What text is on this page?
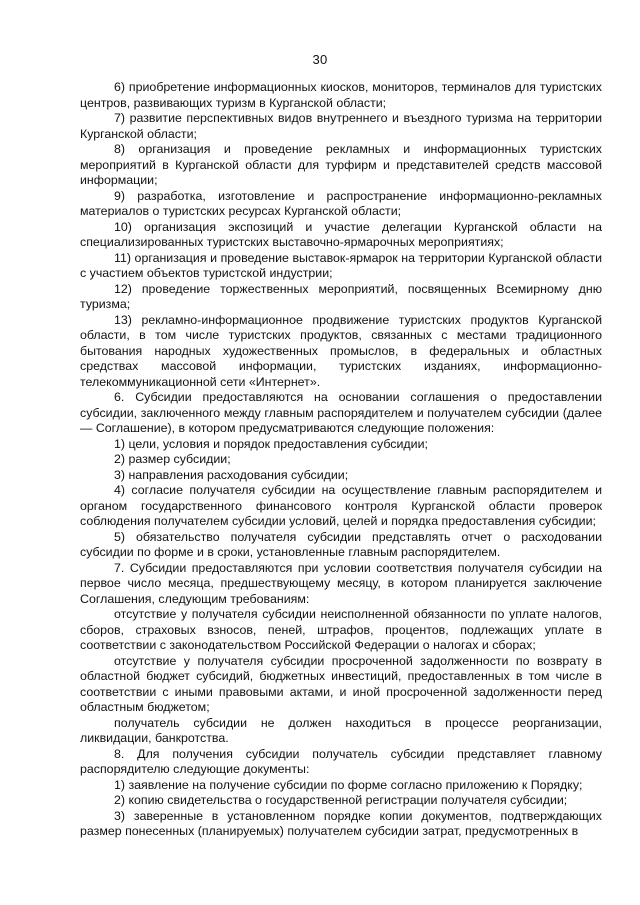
30

6) приобретение информационных киосков, мониторов, терминалов для туристских центров, развивающих туризм в Курганской области;

7) развитие перспективных видов внутреннего и въездного туризма на территории Курганской области;

8) организация и проведение рекламных и информационных туристских мероприятий в Курганской области для турфирм и представителей средств массовой информации;

9) разработка, изготовление и распространение информационно-рекламных материалов о туристских ресурсах Курганской области;

10) организация экспозиций и участие делегации Курганской области на специализированных туристских выставочно-ярмарочных мероприятиях;

11) организация и проведение выставок-ярмарок на территории Курганской области с участием объектов туристской индустрии;

12) проведение торжественных мероприятий, посвященных Всемирному дню туризма;

13) рекламно-информационное продвижение туристских продуктов Курганской области, в том числе туристских продуктов, связанных с местами традиционного бытования народных художественных промыслов, в федеральных и областных средствах массовой информации, туристских изданиях, информационно-телекоммуникационной сети «Интернет».

6. Субсидии предоставляются на основании соглашения о предоставлении субсидии, заключенного между главным распорядителем и получателем субсидии (далее — Соглашение), в котором предусматриваются следующие положения:

1) цели, условия и порядок предоставления субсидии;

2) размер субсидии;

3) направления расходования субсидии;

4) согласие получателя субсидии на осуществление главным распорядителем и органом государственного финансового контроля Курганской области проверок соблюдения получателем субсидии условий, целей и порядка предоставления субсидии;

5) обязательство получателя субсидии представлять отчет о расходовании субсидии по форме и в сроки, установленные главным распорядителем.

7. Субсидии предоставляются при условии соответствия получателя субсидии на первое число месяца, предшествующему месяцу, в котором планируется заключение Соглашения, следующим требованиям:

отсутствие у получателя субсидии неисполненной обязанности по уплате налогов, сборов, страховых взносов, пеней, штрафов, процентов, подлежащих уплате в соответствии с законодательством Российской Федерации о налогах и сборах;

отсутствие у получателя субсидии просроченной задолженности по возврату в областной бюджет субсидий, бюджетных инвестиций, предоставленных в том числе в соответствии с иными правовыми актами, и иной просроченной задолженности перед областным бюджетом;

получатель субсидии не должен находиться в процессе реорганизации, ликвидации, банкротства.

8. Для получения субсидии получатель субсидии представляет главному распорядителю следующие документы:

1) заявление на получение субсидии по форме согласно приложению к Порядку;

2) копию свидетельства о государственной регистрации получателя субсидии;

3) заверенные в установленном порядке копии документов, подтверждающих размер понесенных (планируемых) получателем субсидии затрат, предусмотренных в
